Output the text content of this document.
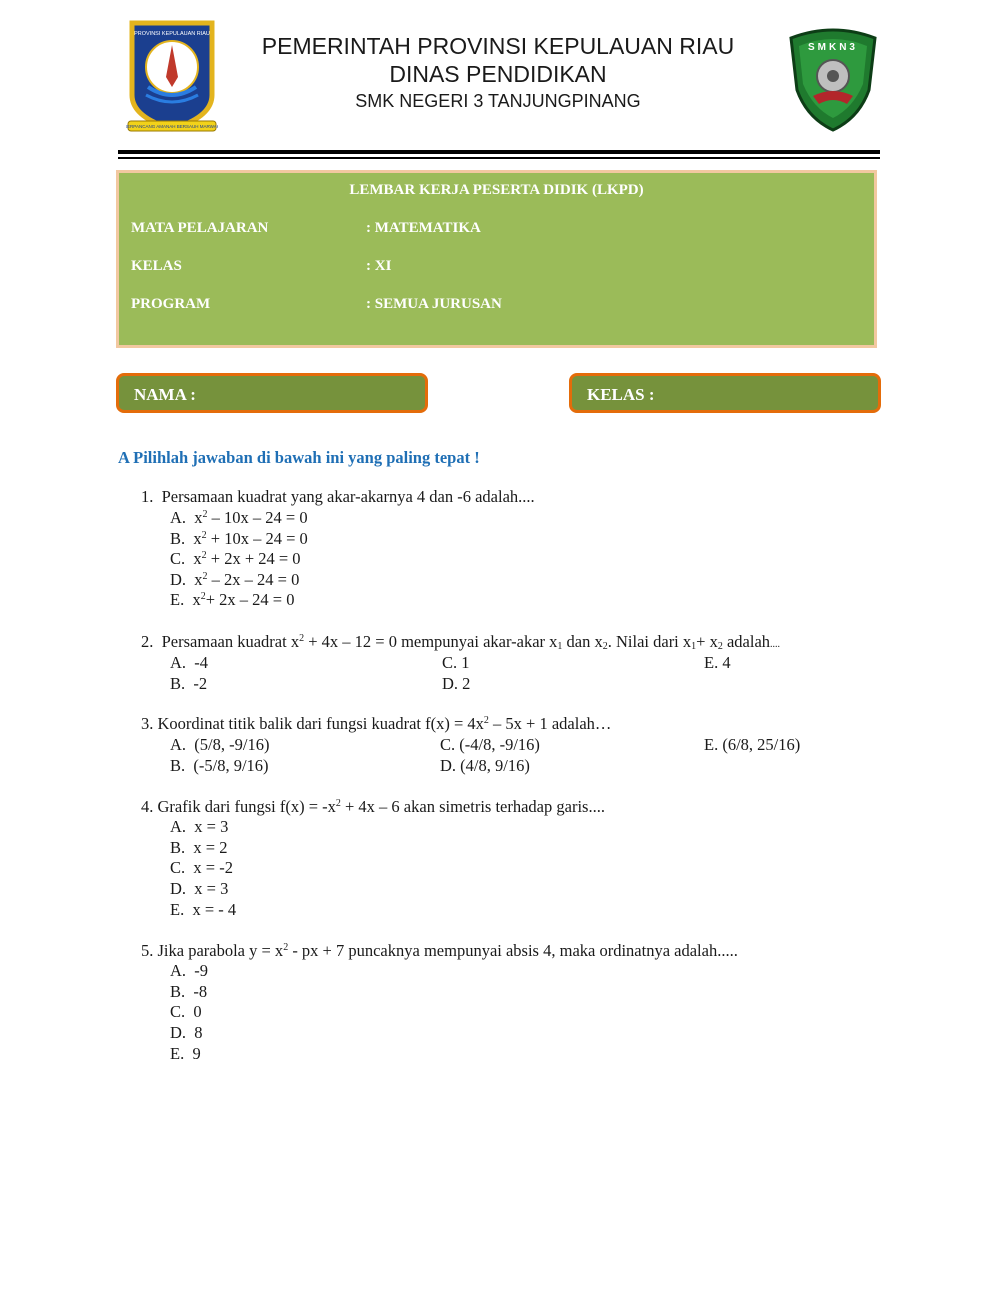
PROVINSI KEPULAUAN RIAU
BERPANCANG AMANAH BERSAUH MARWAH
PEMERINTAH PROVINSI KEPULAUAN RIAU
DINAS PENDIDIKAN
SMK NEGERI 3 TANJUNGPINANG
SMKN3
LEMBAR KERJA PESERTA DIDIK (LKPD)
MATA PELAJARAN	: MATEMATIKA
KELAS	: XI
PROGRAM	: SEMUA JURUSAN
NAMA :	KELAS :
A Pilihlah jawaban di bawah ini yang paling tepat !
1. Persamaan kuadrat yang akar-akarnya 4 dan -6 adalah....
A. $x^2 - 10x - 24 = 0$
B. $x^2 + 10x - 24 = 0$
C. $x^2 + 2x + 24 = 0$
D. $x^2 - 2x - 24 = 0$
E. $x^2+ 2x - 24 = 0$
2. Persamaan kuadrat $x^2 + 4x - 12 = 0$ mempunyai akar-akar $x_1$ dan $x_2$. Nilai dari $x_1+ x_2$ adalah....
A. -4
B. -2
C. 1
D. 2
E. 4
3. Koordinat titik balik dari fungsi kuadrat $f(x) = 4x^2 - 5x + 1$ adalah…
A. (5/8, -9/16)
B. (-5/8, 9/16)
C. (-4/8, -9/16)
D. (4/8, 9/16)
E. (6/8, 25/16)
4. Grafik dari fungsi $f(x) = -x^2 + 4x - 6$ akan simetris terhadap garis....
A. x = 3
B. x = 2
C. x = -2
D. x = 3
E. x = - 4
5. Jika parabola $y = x^2$ - px + 7 puncaknya mempunyai absis 4, maka ordinatnya adalah.....
A. -9
B. -8
C. 0
D. 8
E. 9
